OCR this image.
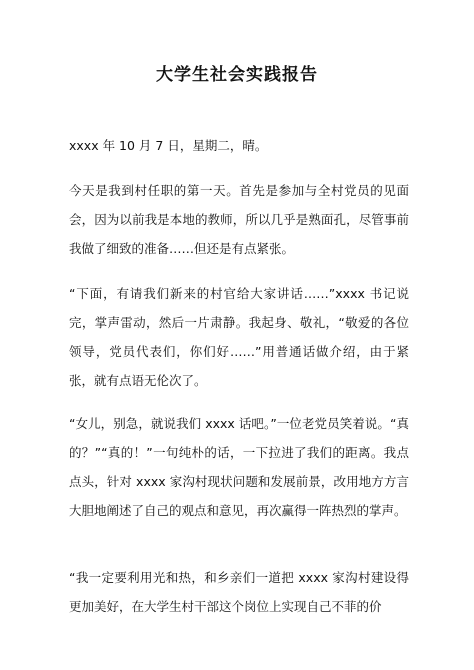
大学生社会实践报告

xxxx 年 10 月 7 日，星期二，晴。

今天是我到村任职的第一天。首先是参加与全村党员的见面会，因为以前我是本地的教师，所以几乎是熟面孔，尽管事前我做了细致的准备……但还是有点紧张。

“下面，有请我们新来的村官给大家讲话……”xxxx 书记说完，掌声雷动，然后一片肃静。我起身、敬礼，“敬爱的各位领导，党员代表们，你们好……”用普通话做介绍，由于紧张，就有点语无伦次了。

“女儿，别急，就说我们 xxxx 话吧。”一位老党员笑着说。“真的？”“真的！”一句纯朴的话，一下拉进了我们的距离。我点点头，针对 xxxx 家沟村现状问题和发展前景，改用地方方言大胆地阐述了自己的观点和意见，再次赢得一阵热烈的掌声。

“我一定要利用光和热，和乡亲们一道把 xxxx 家沟村建设得更加美好，在大学生村干部这个岗位上实现自己不菲的价
